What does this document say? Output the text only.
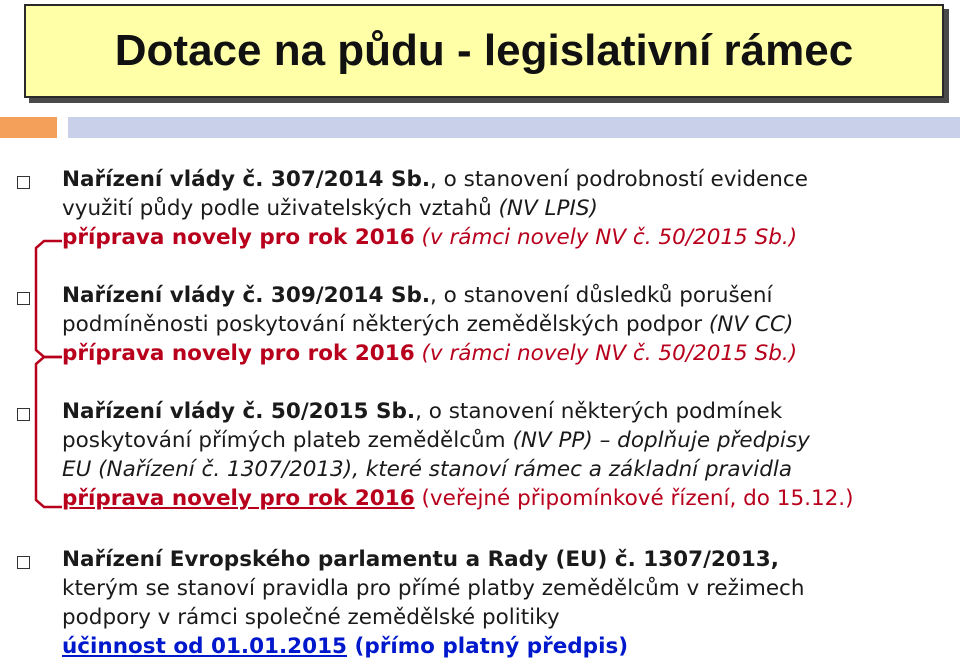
Dotace na půdu - legislativní rámec
Nařízení vlády č. 307/2014 Sb., o stanovení podrobností evidence
využití půdy podle uživatelských vztahů (NV LPIS)
příprava novely pro rok 2016 (v rámci novely NV č. 50/2015 Sb.)
Nařízení vlády č. 309/2014 Sb., o stanovení důsledků porušení
podmíněnosti poskytování některých zemědělských podpor (NV CC)
příprava novely pro rok 2016 (v rámci novely NV č. 50/2015 Sb.)
Nařízení vlády č. 50/2015 Sb., o stanovení některých podmínek
poskytování přímých plateb zemědělcům (NV PP) – doplňuje předpisy
EU (Nařízení č. 1307/2013), které stanoví rámec a základní pravidla
příprava novely pro rok 2016 (veřejné připomínkové řízení, do 15.12.)
Nařízení Evropského parlamentu a Rady (EU) č. 1307/2013,
kterým se stanoví pravidla pro přímé platby zemědělcům v režimech
podpory v rámci společné zemědělské politiky
účinnost od 01.01.2015 (přímo platný předpis)
